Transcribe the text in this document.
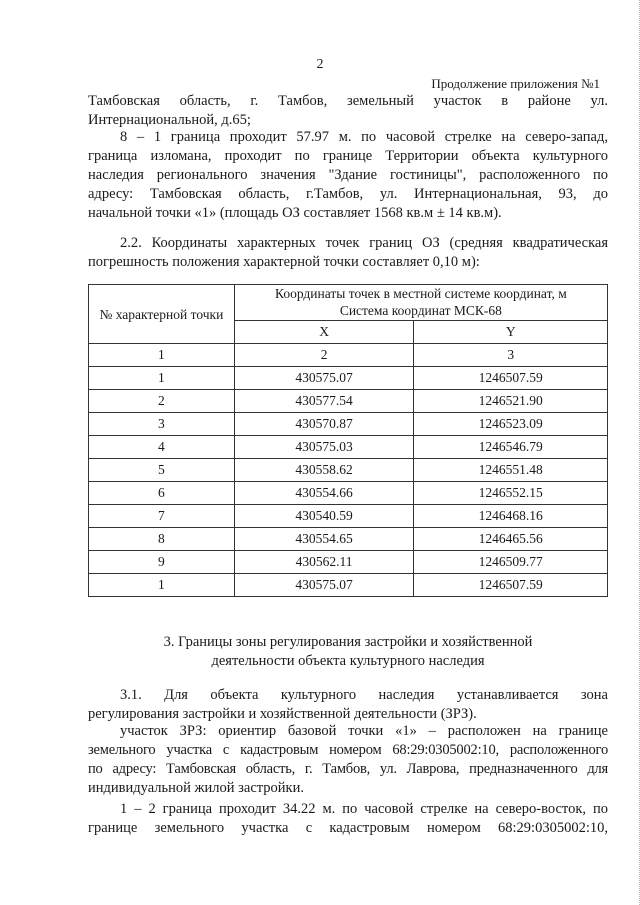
2
Продолжение приложения №1
Тамбовская область, г. Тамбов, земельный участок в районе ул.
Интернациональной, д.65;
8 – 1 граница проходит 57.97 м. по часовой стрелке на северо-запад,
граница изломана, проходит по границе Территории объекта культурного
наследия регионального значения "Здание гостиницы", расположенного по
адресу: Тамбовская область, г.Тамбов, ул. Интернациональная, 93, до
начальной точки «1» (площадь ОЗ составляет 1568 кв.м ± 14 кв.м).
2.2. Координаты характерных точек границ ОЗ (средняя квадратическая
погрешность положения характерной точки составляет 0,10 м):
№ характерной точки	Координаты точек в местной системе координат, м
Система координат МСК-68	

	X	Y
1	2	3
1	430575.07	1246507.59
2	430577.54	1246521.90
3	430570.87	1246523.09
4	430575.03	1246546.79
5	430558.62	1246551.48
6	430554.66	1246552.15
7	430540.59	1246468.16
8	430554.65	1246465.56
9	430562.11	1246509.77
1	430575.07	1246507.59
3. Границы зоны регулирования застройки и хозяйственной
деятельности объекта культурного наследия
3.1. Для объекта культурного наследия устанавливается зона
регулирования застройки и хозяйственной деятельности (ЗРЗ).
участок ЗРЗ: ориентир базовой точки «1» – расположен на границе
земельного участка с кадастровым номером 68:29:0305002:10, расположенного
по адресу: Тамбовская область, г. Тамбов, ул. Лаврова, предназначенного для
индивидуальной жилой застройки.
1 – 2 граница проходит 34.22 м. по часовой стрелке на северо-восток, по
границе земельного участка с кадастровым номером 68:29:0305002:10,
